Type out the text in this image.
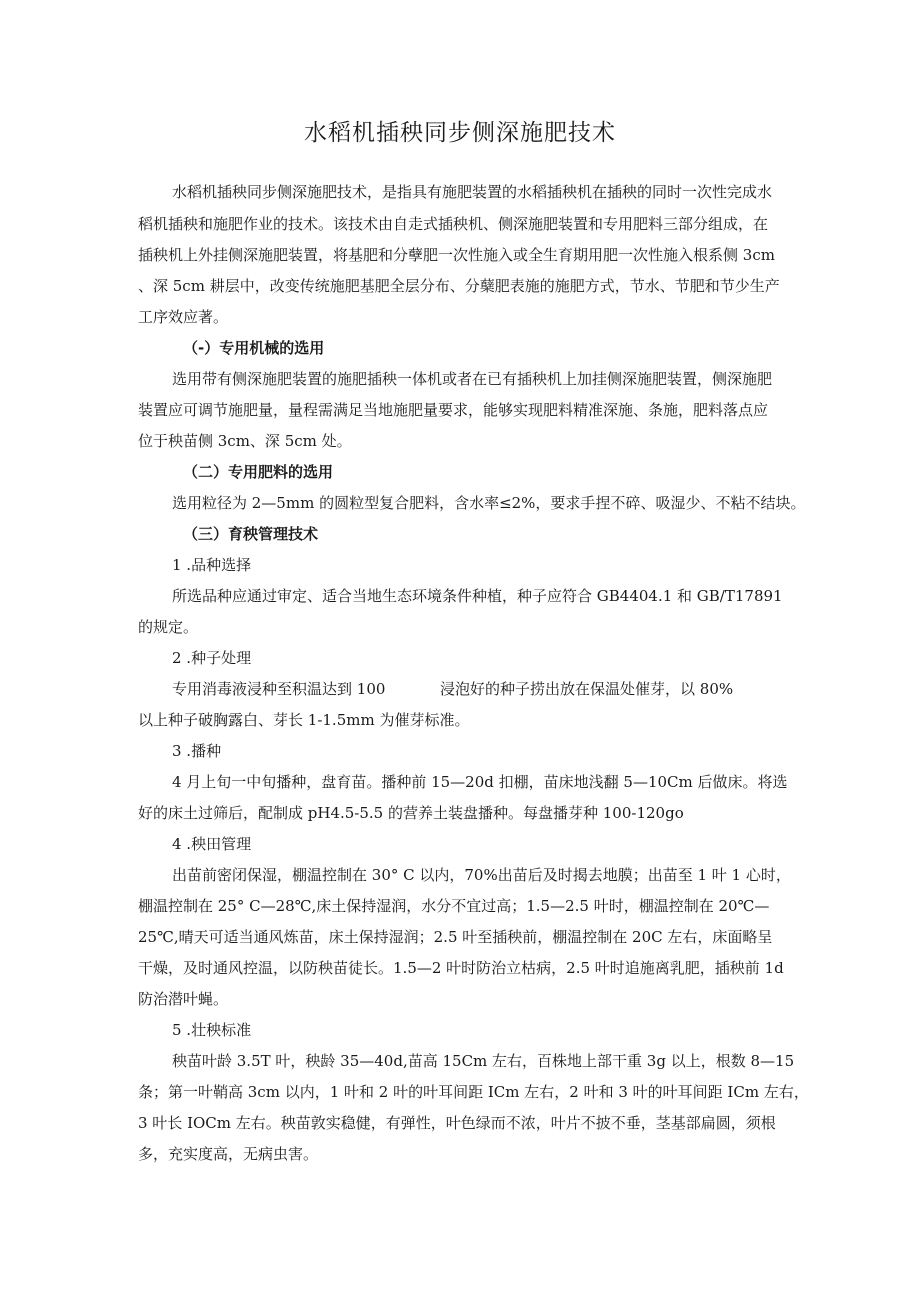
水稻机插秧同步侧深施肥技术

水稻机插秧同步侧深施肥技术，是指具有施肥装置的水稻插秧机在插秧的同时一次性完成水

稻机插秧和施肥作业的技术。该技术由自走式插秧机、侧深施肥装置和专用肥料三部分组成，在

插秧机上外挂侧深施肥装置，将基肥和分孽肥一次性施入或全生育期用肥一次性施入根系侧 3cm

、深 5cm 耕层中，改变传统施肥基肥全层分布、分蘖肥表施的施肥方式，节水、节肥和节少生产

工序效应著。

（-）专用机械的选用

选用带有侧深施肥装置的施肥插秧一体机或者在已有插秧机上加挂侧深施肥装置，侧深施肥

装置应可调节施肥量，量程需满足当地施肥量要求，能够实现肥料精准深施、条施，肥料落点应

位于秧苗侧 3cm、深 5cm 处。

（二）专用肥料的选用

选用粒径为 2—5mm 的圆粒型复合肥料，含水率≤2%，要求手捏不碎、吸湿少、不粘不结块。

（三）育秧管理技术

1 .品种选择

所选品种应通过审定、适合当地生态环境条件种植，种子应符合 GB4404.1 和 GB/T17891

的规定。

2 .种子处理

专用消毒液浸种至积温达到 100	浸泡好的种子捞出放在保温处催芽，以 80%

以上种子破胸露白、芽长 1-1.5mm 为催芽标准。

3 .播种

4 月上旬一中旬播种，盘育苗。播种前 15—20d 扣棚，苗床地浅翻 5—10Cm 后做床。将选

好的床土过筛后，配制成 pH4.5-5.5 的营养土装盘播种。每盘播芽种 100-120go

4 .秧田管理

出苗前密闭保湿，棚温控制在 30° C 以内，70%出苗后及时揭去地膜；出苗至 1 叶 1 心时，

棚温控制在 25° C—28℃,床土保持湿润，水分不宜过高；1.5—2.5 叶时，棚温控制在 20℃—

25℃,晴天可适当通风炼苗，床土保持湿润；2.5 叶至插秧前，棚温控制在 20C 左右，床面略呈

干燥，及时通风控温，以防秧苗徒长。1.5—2 叶时防治立枯病，2.5 叶时追施离乳肥，插秧前 1d

防治潜叶蝇。

5 .壮秧标准

秧苗叶龄 3.5T 叶，秧龄 35—40d,苗高 15Cm 左右，百株地上部干重 3g 以上，根数 8—15

条；第一叶鞘高 3cm 以内，1 叶和 2 叶的叶耳间距 ICm 左右，2 叶和 3 叶的叶耳间距 ICm 左右，

3 叶长 IOCm 左右。秧苗敦实稳健，有弹性，叶色绿而不浓，叶片不披不垂，茎基部扁圆，须根

多，充实度高，无病虫害。
